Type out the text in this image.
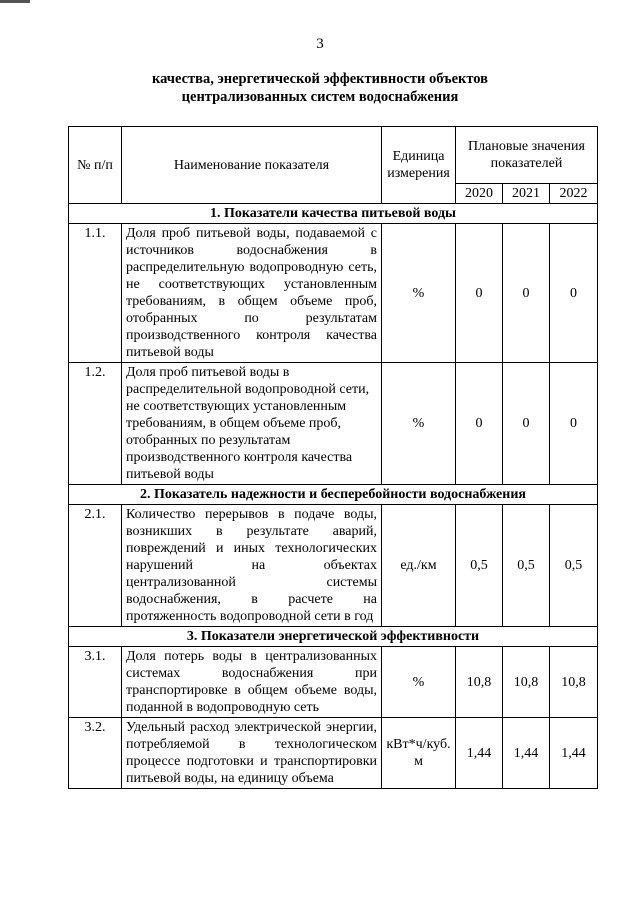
3
качества, энергетической эффективности объектов
централизованных систем водоснабжения
№ п/п	Наименование показателя	Единица измерения	Плановые значения показателей		
			2020	2021	2022
1. Показатели качества питьевой воды					
1.1.	Доля проб питьевой воды, подаваемой с источников водоснабжения в распределительную водопроводную сеть, не соответствующих установленным требованиям, в общем объеме проб, отобранных по результатам производственного контроля качества питьевой воды	%	0	0	0
1.2.	Доля проб питьевой воды в распределительной водопроводной сети, не соответствующих установленным требованиям, в общем объеме проб, отобранных по результатам производственного контроля качества питьевой воды	%	0	0	0
2. Показатель надежности и бесперебойности водоснабжения					
2.1.	Количество перерывов в подаче воды, возникших в результате аварий, повреждений и иных технологических нарушений на объектах централизованной системы водоснабжения, в расчете на протяженность водопроводной сети в год	ед./км	0,5	0,5	0,5
3. Показатели энергетической эффективности					
3.1.	Доля потерь воды в централизованных системах водоснабжения при транспортировке в общем объеме воды, поданной в водопроводную сеть	%	10,8	10,8	10,8
3.2.	Удельный расход электрической энергии, потребляемой в технологическом процессе подготовки и транспортировки питьевой воды, на единицу объема	кВт*ч/куб. м	1,44	1,44	1,44
